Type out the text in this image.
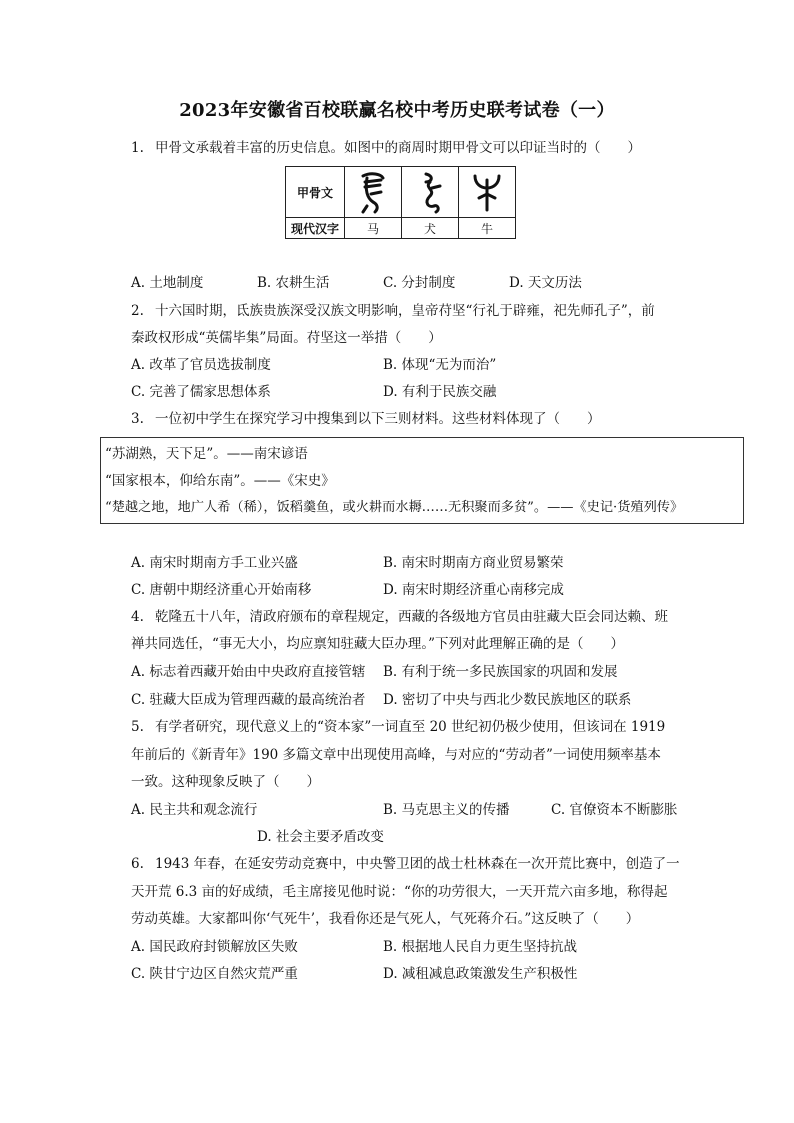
2023年安徽省百校联赢名校中考历史联考试卷（一）
1. 甲骨文承载着丰富的历史信息。如图中的商周时期甲骨文可以印证当时的（　　）
甲骨文	

现代汉字	马	犬	牛
A. 土地制度	B. 农耕生活	C. 分封制度	D. 天文历法
2. 十六国时期，氐族贵族深受汉族文明影响，皇帝苻坚“行礼于辟雍，祀先师孔子”，前
秦政权形成“英儒毕集”局面。苻坚这一举措（　　）
A. 改革了官员选拔制度	B. 体现“无为而治”
C. 完善了儒家思想体系	D. 有利于民族交融
3. 一位初中学生在探究学习中搜集到以下三则材料。这些材料体现了（　　）
“苏湖熟，天下足”。——南宋谚语
“国家根本，仰给东南”。——《宋史》
“楚越之地，地广人希（稀），饭稻羹鱼，或火耕而水耨……无积聚而多贫”。——《史记·货殖列传》
A. 南宋时期南方手工业兴盛	B. 南宋时期南方商业贸易繁荣
C. 唐朝中期经济重心开始南移	D. 南宋时期经济重心南移完成
4. 乾隆五十八年，清政府颁布的章程规定，西藏的各级地方官员由驻藏大臣会同达赖、班
禅共同选任，“事无大小，均应禀知驻藏大臣办理。”下列对此理解正确的是（　　）
A. 标志着西藏开始由中央政府直接管辖 B. 有利于统一多民族国家的巩固和发展
C. 驻藏大臣成为管理西藏的最高统治者 D. 密切了中央与西北少数民族地区的联系
5. 有学者研究，现代意义上的“资本家”一词直至 20 世纪初仍极少使用，但该词在 1919
年前后的《新青年》190 多篇文章中出现使用高峰，与对应的“劳动者”一词使用频率基本
一致。这种现象反映了（　　）
A. 民主共和观念流行	B. 马克思主义的传播	C. 官僚资本不断膨胀
D. 社会主要矛盾改变
6. 1943 年春，在延安劳动竞赛中，中央警卫团的战士杜林森在一次开荒比赛中，创造了一
天开荒 6.3 亩的好成绩，毛主席接见他时说：“你的功劳很大，一天开荒六亩多地，称得起
劳动英雄。大家都叫你‘气死牛’，我看你还是气死人，气死蒋介石。”这反映了（　　）
A. 国民政府封锁解放区失败	B. 根据地人民自力更生坚持抗战
C. 陕甘宁边区自然灾荒严重	D. 减租减息政策激发生产积极性
